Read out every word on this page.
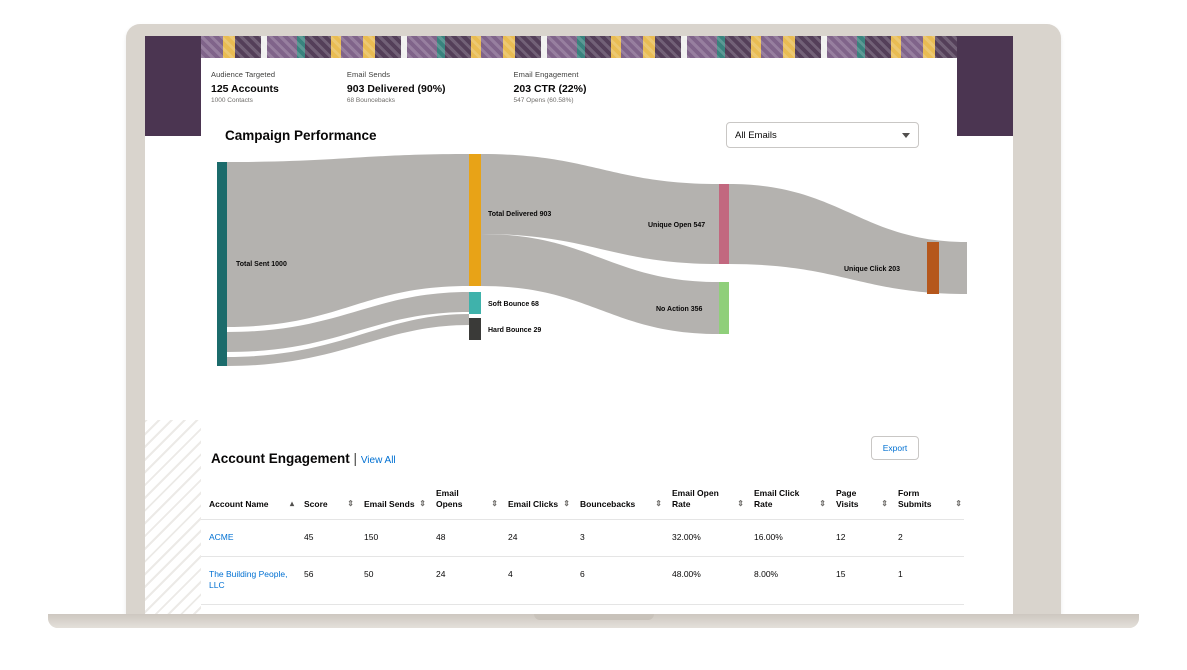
Audience Targeted
125 Accounts
1000 Contacts
Email Sends
903 Delivered (90%)
68 Bouncebacks
Email Engagement
203 CTR (22%)
547 Opens (60.58%)
Campaign Performance	All Emails
Total Sent 1000
Total Delivered 903
Soft Bounce 68
Hard Bounce 29
Unique Open 547
No Action 356
Unique Click 203
Account Engagement | View All
Export
Account Name ▴	Score ⇕	Email Sends ⇕	Email Opens ⇕	Email Clicks ⇕	Bouncebacks ⇕	Email Open Rate ⇕	Email Click Rate ⇕	Page Visits ⇕	Form Submits ⇕

ACME	45	150	48	24	3	32.00%	16.00%	12	2
The Building People, LLC	56	50	24	4	6	48.00%	8.00%	15	1
